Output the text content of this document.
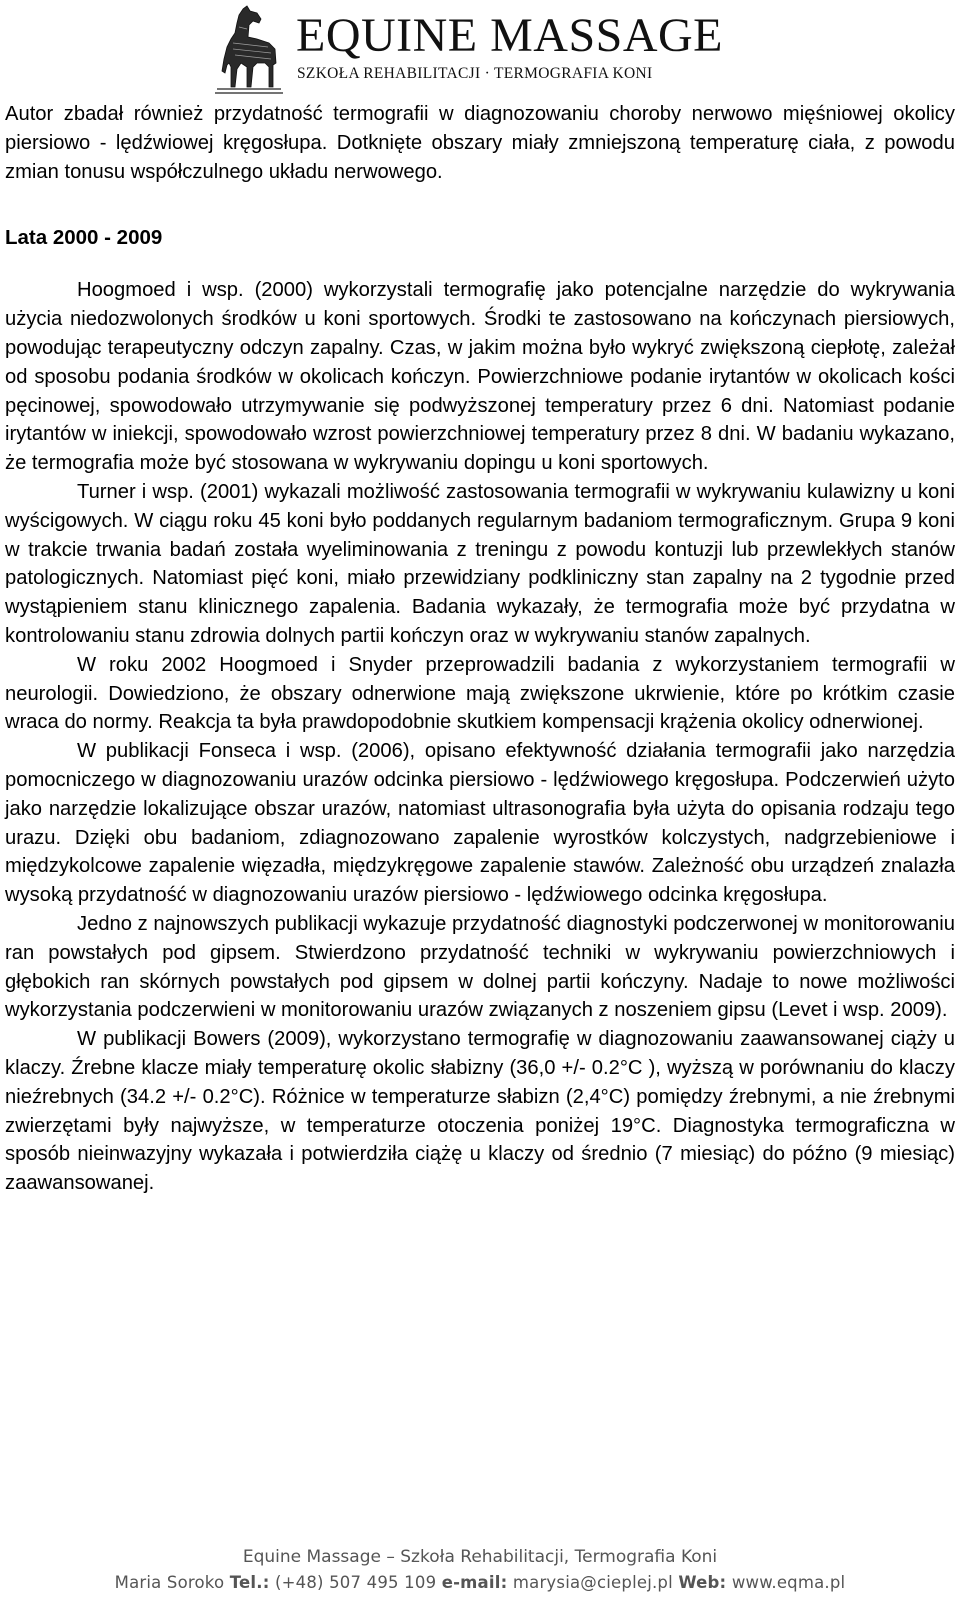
EQUINE MASSAGE
SZKOŁA REHABILITACJI · TERMOGRAFIA KONI

Autor zbadał również przydatność termografii w diagnozowaniu choroby nerwowo mięśniowej okolicy piersiowo - lędźwiowej kręgosłupa. Dotknięte obszary miały zmniejszoną temperaturę ciała, z powodu zmian tonusu współczulnego układu nerwowego.

Lata 2000 - 2009

Hoogmoed i wsp. (2000) wykorzystali termografię jako potencjalne narzędzie do wykrywania użycia niedozwolonych środków u koni sportowych. Środki te zastosowano na kończynach piersiowych, powodując terapeutyczny odczyn zapalny. Czas, w jakim można było wykryć zwiększoną ciepłotę, zależał od sposobu podania środków w okolicach kończyn. Powierzchniowe podanie irytantów w okolicach kości pęcinowej, spowodowało utrzymywanie się podwyższonej temperatury przez 6 dni. Natomiast podanie irytantów w iniekcji, spowodowało wzrost powierzchniowej temperatury przez 8 dni. W badaniu wykazano, że termografia może być stosowana w wykrywaniu dopingu u koni sportowych.

Turner i wsp. (2001) wykazali możliwość zastosowania termografii w wykrywaniu kulawizny u koni wyścigowych. W ciągu roku 45 koni było poddanych regularnym badaniom termograficznym. Grupa 9 koni w trakcie trwania badań została wyeliminowania z treningu z powodu kontuzji lub przewlekłych stanów patologicznych. Natomiast pięć koni, miało przewidziany podkliniczny stan zapalny na 2 tygodnie przed wystąpieniem stanu klinicznego zapalenia. Badania wykazały, że termografia może być przydatna w kontrolowaniu stanu zdrowia dolnych partii kończyn oraz w wykrywaniu stanów zapalnych.

W roku 2002 Hoogmoed i Snyder przeprowadzili badania z wykorzystaniem termografii w neurologii. Dowiedziono, że obszary odnerwione mają zwiększone ukrwienie, które po krótkim czasie wraca do normy. Reakcja ta była prawdopodobnie skutkiem kompensacji krążenia okolicy odnerwionej.

W publikacji Fonseca i wsp. (2006), opisano efektywność działania termografii jako narzędzia pomocniczego w diagnozowaniu urazów odcinka piersiowo - lędźwiowego kręgosłupa. Podczerwień użyto jako narzędzie lokalizujące obszar urazów, natomiast ultrasonografia była użyta do opisania rodzaju tego urazu. Dzięki obu badaniom, zdiagnozowano zapalenie wyrostków kolczystych, nadgrzebieniowe i międzykolcowe zapalenie więzadła, międzykręgowe zapalenie stawów. Zależność obu urządzeń znalazła wysoką przydatność w diagnozowaniu urazów piersiowo - lędźwiowego odcinka kręgosłupa.

Jedno z najnowszych publikacji wykazuje przydatność diagnostyki podczerwonej w monitorowaniu ran powstałych pod gipsem. Stwierdzono przydatność techniki w wykrywaniu powierzchniowych i głębokich ran skórnych powstałych pod gipsem w dolnej partii kończyny. Nadaje to nowe możliwości wykorzystania podczerwieni w monitorowaniu urazów związanych z noszeniem gipsu (Levet i wsp. 2009).

W publikacji Bowers (2009), wykorzystano termografię w diagnozowaniu zaawansowanej ciąży u klaczy. Źrebne klacze miały temperaturę okolic słabizny (36,0 +/- 0.2°C ), wyższą w porównaniu do klaczy nieźrebnych (34.2 +/- 0.2°C). Różnice w temperaturze słabizn (2,4°C) pomiędzy źrebnymi, a nie źrebnymi zwierzętami były najwyższe, w temperaturze otoczenia poniżej 19°C. Diagnostyka termograficzna w sposób nieinwazyjny wykazała i potwierdziła ciążę u klaczy od średnio (7 miesiąc) do późno (9 miesiąc) zaawansowanej.

Equine Massage – Szkoła Rehabilitacji, Termografia Koni
Maria Soroko Tel.: (+48) 507 495 109 e-mail: marysia@cieplej.pl Web: www.eqma.pl
